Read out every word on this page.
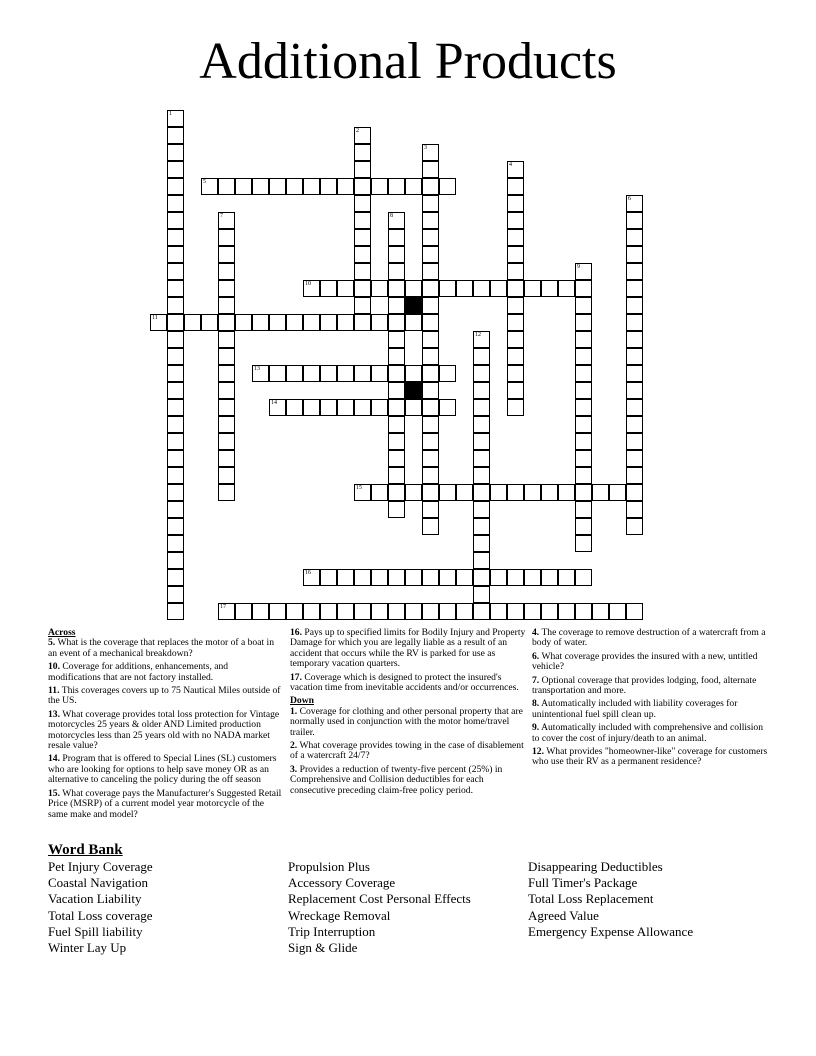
Additional Products
1
2
3
4
5
6
7	8
9
10
11
12
13
14
15
16
17
Across
5. What is the coverage that replaces the motor of a boat in an event of a mechanical breakdown?
10. Coverage for additions, enhancements, and modifications that are not factory installed.
11. This coverages covers up to 75 Nautical Miles outside of the US.
13. What coverage provides total loss protection for Vintage motorcycles 25 years & older AND Limited production motorcycles less than 25 years old with no NADA market resale value?
14. Program that is offered to Special Lines (SL) customers who are looking for options to help save money OR as an alternative to canceling the policy during the off season
15. What coverage pays the Manufacturer's Suggested Retail Price (MSRP) of a current model year motorcycle of the same make and model?
16. Pays up to specified limits for Bodily Injury and Property Damage for which you are legally liable as a result of an accident that occurs while the RV is parked for use as temporary vacation quarters.
17. Coverage which is designed to protect the insured's vacation time from inevitable accidents and/or occurrences.
Down
1. Coverage for clothing and other personal property that are normally used in conjunction with the motor home/travel trailer.
2. What coverage provides towing in the case of disablement of a watercraft 24/7?
3. Provides a reduction of twenty-five percent (25%) in Comprehensive and Collision deductibles for each consecutive preceding claim-free policy period.
4. The coverage to remove destruction of a watercraft from a body of water.
6. What coverage provides the insured with a new, untitled vehicle?
7. Optional coverage that provides lodging, food, alternate transportation and more.
8. Automatically included with liability coverages for unintentional fuel spill clean up.
9. Automatically included with comprehensive and collision to cover the cost of injury/death to an animal.
12. What provides "homeowner-like" coverage for customers who use their RV as a permanent residence?
Word Bank
Pet Injury Coverage
Coastal Navigation
Vacation Liability
Total Loss coverage
Fuel Spill liability
Winter Lay Up
Propulsion Plus
Accessory Coverage
Replacement Cost Personal Effects
Wreckage Removal
Trip Interruption
Sign & Glide
Disappearing Deductibles
Full Timer's Package
Total Loss Replacement
Agreed Value
Emergency Expense Allowance
